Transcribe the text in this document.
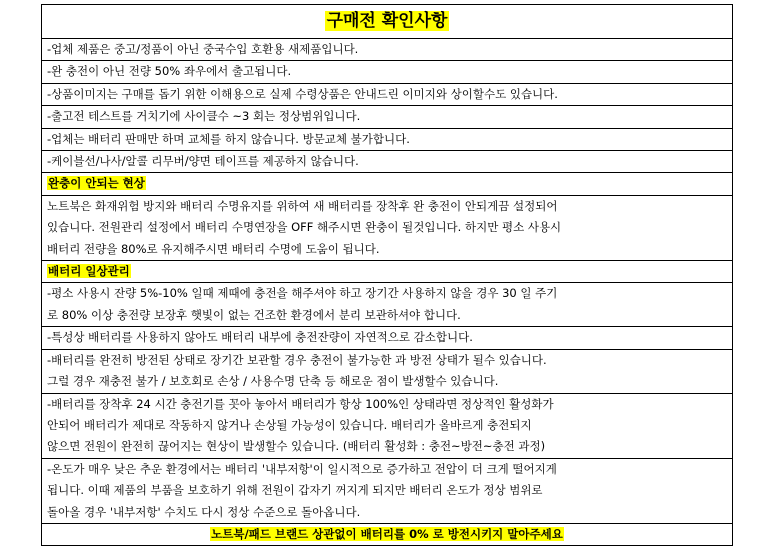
구매전 확인사항
-업체 제품은 중고/정품이 아닌 중국수입 호환용 새제품입니다.
-완 충전이 아닌 전량 50% 좌우에서 출고됩니다.
-상품이미지는 구매를 돕기 위한 이해용으로 실제 수령상품은 안내드린 이미지와 상이할수도 있습니다.
-출고전 테스트를 거치기에 사이클수 ~3 회는 정상범위입니다.
-업체는 배터리 판매만 하며 교체를 하지 않습니다. 방문교체 불가합니다.
-케이블선/나사/알콜 리무버/양면 테이프를 제공하지 않습니다.
완충이 안되는 현상
노트북은 화재위험 방지와 배터리 수명유지를 위하여 새 배터리를 장착후 완 충전이 안되게끔 설정되어
있습니다. 전원관리 설정에서 배터리 수명연장을 OFF 해주시면 완충이 될것입니다. 하지만 평소 사용시
배터리 전량을 80%로 유지해주시면 배터리 수명에 도움이 됩니다.
배터리 일상관리
-평소 사용시 잔량 5%-10% 일때 제때에 충전을 해주셔야 하고 장기간 사용하지 않을 경우 30 일 주기
로 80% 이상 충전량 보장후 햇빛이 없는 건조한 환경에서 분리 보관하셔야 합니다.
-특성상 배터리를 사용하지 않아도 배터리 내부에 충전잔량이 자연적으로 감소합니다.
-배터리를 완전히 방전된 상태로 장기간 보관할 경우 충전이 불가능한 과 방전 상태가 될수 있습니다.
그럴 경우 재충전 불가 / 보호회로 손상 / 사용수명 단축 등 해로운 점이 발생할수 있습니다.
-배터리를 장착후 24 시간 충전기를 꼿아 놓아서 배터리가 항상 100%인 상태라면 정상적인 활성화가
안되어 배터리가 제대로 작동하지 않거나 손상될 가능성이 있습니다. 배터리가 올바르게 충전되지
않으면 전원이 완전히 끊어지는 현상이 발생할수 있습니다. (배터리 활성화 : 충전~방전~충전 과정)
-온도가 매우 낮은 추운 환경에서는 배터리 '내부저항'이 일시적으로 증가하고 전압이 더 크게 떨어지게
됩니다. 이때 제품의 부품을 보호하기 위해 전원이 갑자기 꺼지게 되지만 배터리 온도가 정상 범위로
돌아올 경우 '내부저항' 수치도 다시 정상 수준으로 돌아옵니다.
노트북/패드 브랜드 상관없이 배터리를 0% 로 방전시키지 말아주세요
